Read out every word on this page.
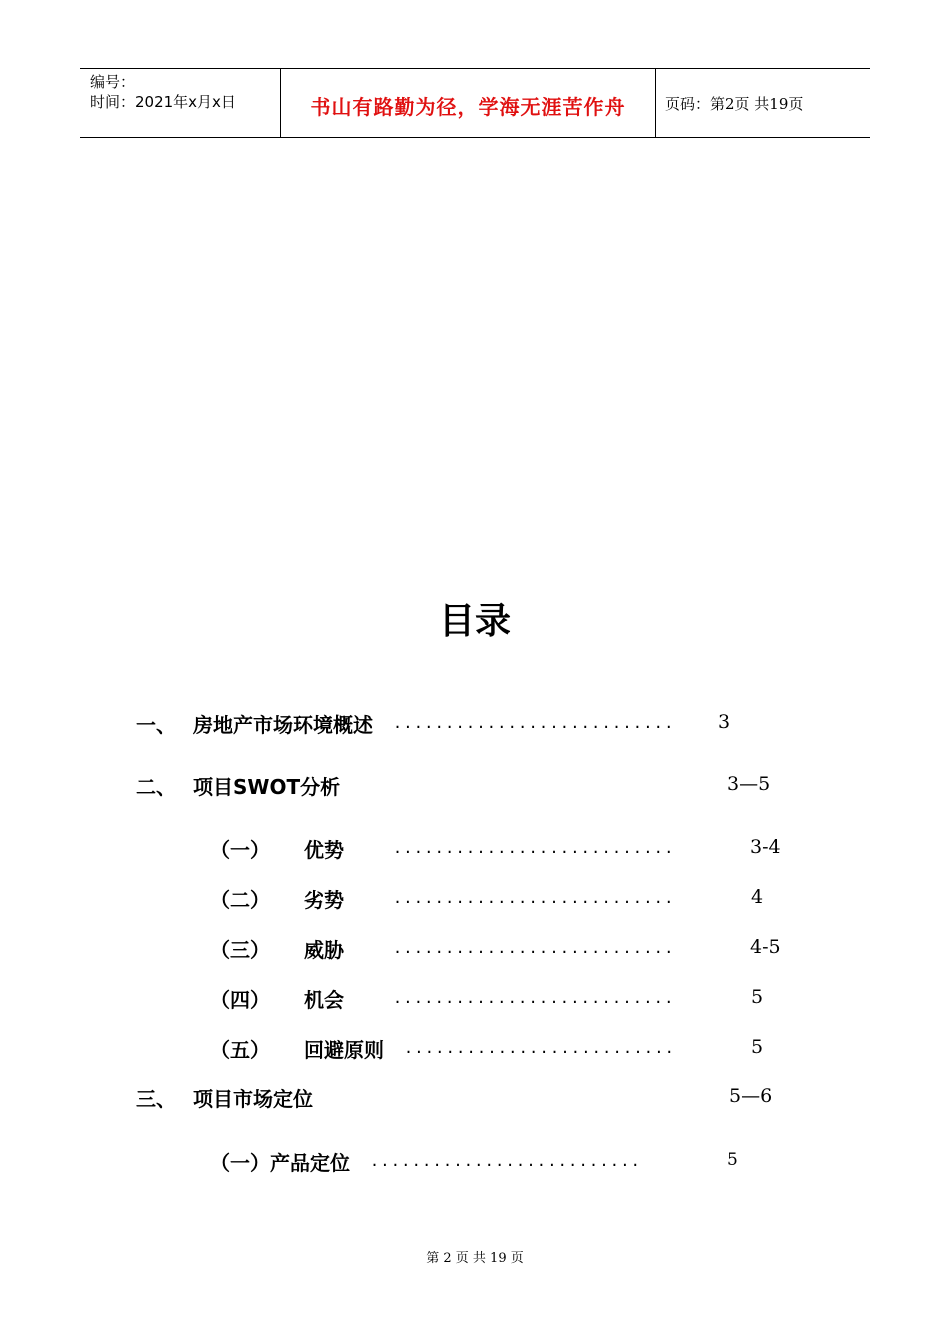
编号：
时间：2021年x月x日	书山有路勤为径，学海无涯苦作舟	页码：第2页 共19页
目录
一、 房地产市场环境概述 ........................... 3
二、 项目SWOT分析	3—5
（一） 优势	...........................	3-4
（二） 劣势	...........................	4
（三） 威胁	...........................	4-5
（四） 机会	...........................	5
（五） 回避原则 ..........................	5
三、 项目市场定位	5—6
（一） 产品定位 ..........................	5
第 2 页 共 19 页
